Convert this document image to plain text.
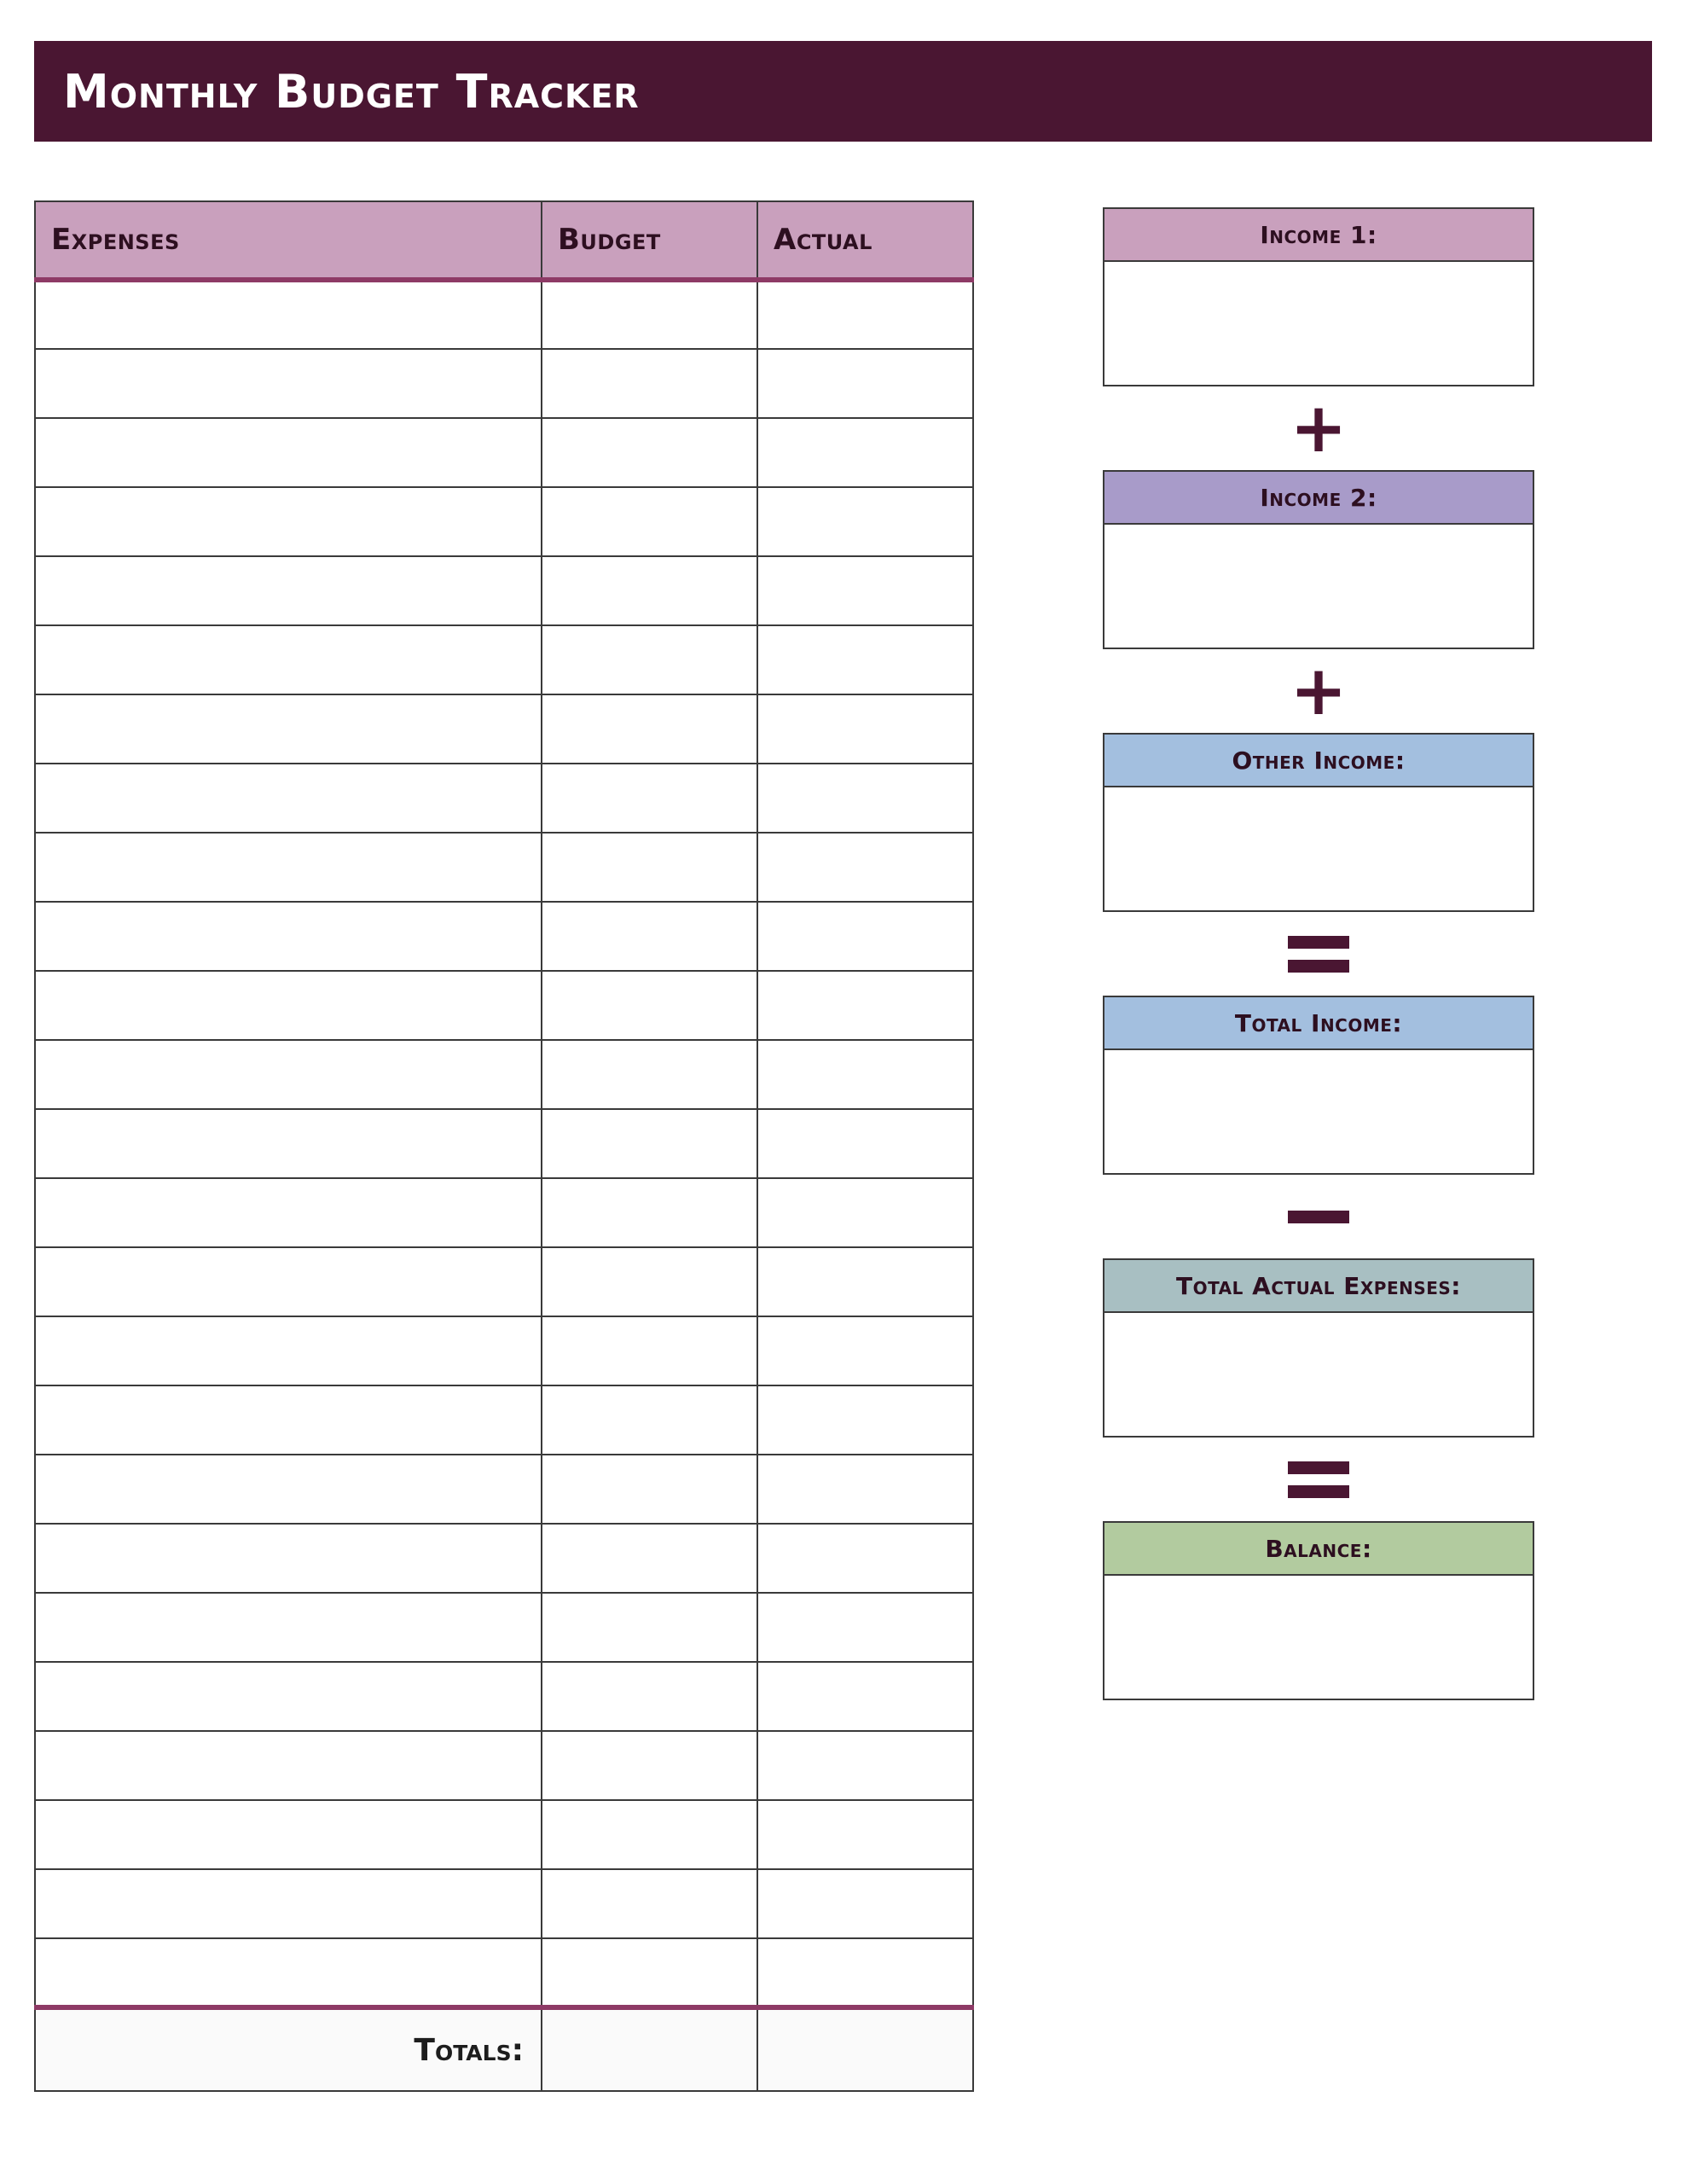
Monthly Budget Tracker
Expenses	Budget	Actual

Totals:		
Income 1:
+
Income 2:
+
Other Income:
Total Income:
Total Actual Expenses:
Balance:
